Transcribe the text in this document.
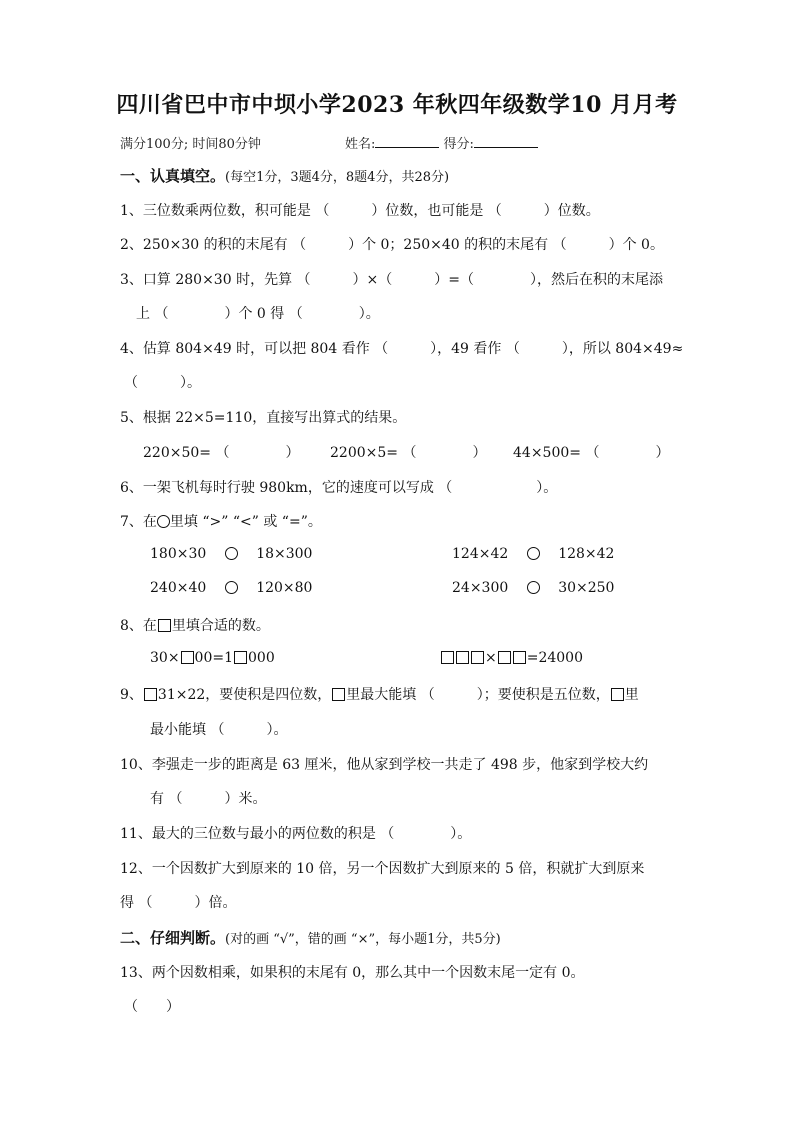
四川省巴中市中坝小学2023 年秋四年级数学10 月月考
满分100分; 时间80分钟	姓名:	得分:
一、认真填空。(每空1分，3题4分，8题4分，共28分)
1、三位数乘两位数，积可能是 （　　　）位数，也可能是 （　　　）位数。
2、250×30 的积的末尾有 （　　　）个 0；250×40 的积的末尾有 （　　　）个 0。
3、口算 280×30 时，先算 （　　　）×（　　　）=（　　　　），然后在积的末尾添
上 （　　　　）个 0 得 （　　　　）。
4、估算 804×49 时，可以把 804 看作 （　　　），49 看作 （　　　），所以 804×49≈
（　　　）。
5、根据 22×5=110，直接写出算式的结果。
220×50= （　　　　） 2200×5= （　　　　） 44×500= （　　　　）
6、一架飞机每时行驶 980km，它的速度可以写成 （　　　　　　）。
7、在 里填 “>” “<” 或 “=”。
180×30	18×300	124×42	128×42
240×40	120×80	24×300	30×250
8、在 里填合适的数。
30× 00=1 000	× =24000
9、 31×22，要使积是四位数， 里最大能填 （　　　）；要使积是五位数， 里
最小能填 （　　　）。
10、李强走一步的距离是 63 厘米，他从家到学校一共走了 498 步，他家到学校大约
有 （　　　）米。
11、最大的三位数与最小的两位数的积是 （　　　　）。
12、一个因数扩大到原来的 10 倍，另一个因数扩大到原来的 5 倍，积就扩大到原来
得 （　　　）倍。
二、仔细判断。(对的画 “√”，错的画 “×”，每小题1分，共5分)
13、两个因数相乘，如果积的末尾有 0，那么其中一个因数末尾一定有 0。
（　　）
